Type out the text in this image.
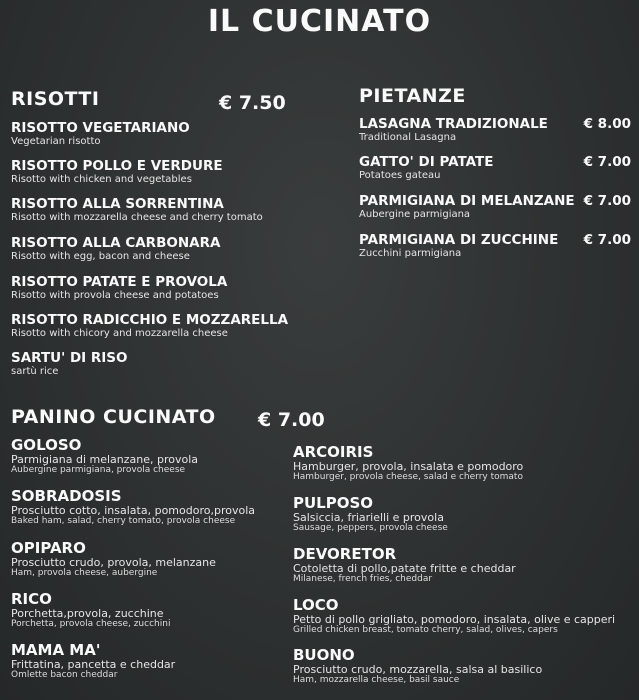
IL CUCINATO
RISOTTI	€ 7.50
RISOTTO VEGETARIANO
Vegetarian risotto
RISOTTO POLLO E VERDURE
Risotto with chicken and vegetables
RISOTTO ALLA SORRENTINA
Risotto with mozzarella cheese and cherry tomato
RISOTTO ALLA CARBONARA
Risotto with egg, bacon and cheese
RISOTTO PATATE E PROVOLA
Risotto with provola cheese and potatoes
RISOTTO RADICCHIO E MOZZARELLA
Risotto with chicory and mozzarella cheese
SARTU' DI RISO
sartù rice
PIETANZE
LASAGNA TRADIZIONALE
Traditional Lasagna
€ 8.00
GATTO' DI PATATE
Potatoes gateau
€ 7.00
PARMIGIANA DI MELANZANE
Aubergine parmigiana
€ 7.00
PARMIGIANA DI ZUCCHINE
Zucchini parmigiana
€ 7.00
PANINO CUCINATO € 7.00
GOLOSO
Parmigiana di melanzane, provola
Aubergine parmigiana, provola cheese
SOBRADOSIS
Prosciutto cotto, insalata, pomodoro,provola
Baked ham, salad, cherry tomato, provola cheese
OPIPARO
Prosciutto crudo, provola, melanzane
Ham, provola cheese, aubergine
RICO
Porchetta,provola, zucchine
Porchetta, provola cheese, zucchini
MAMA MA'
Frittatina, pancetta e cheddar
Omlette bacon cheddar
ARCOIRIS
Hamburger, provola, insalata e pomodoro
Hamburger, provola cheese, salad e cherry tomato
PULPOSO
Salsiccia, friarielli e provola
Sausage, peppers, provola cheese
DEVORETOR
Cotoletta di pollo,patate fritte e cheddar
Milanese, french fries, cheddar
LOCO
Petto di pollo grigliato, pomodoro, insalata, olive e capperi
Grilled chicken breast, tomato cherry, salad, olives, capers
BUONO
Prosciutto crudo, mozzarella, salsa al basilico
Ham, mozzarella cheese, basil sauce
